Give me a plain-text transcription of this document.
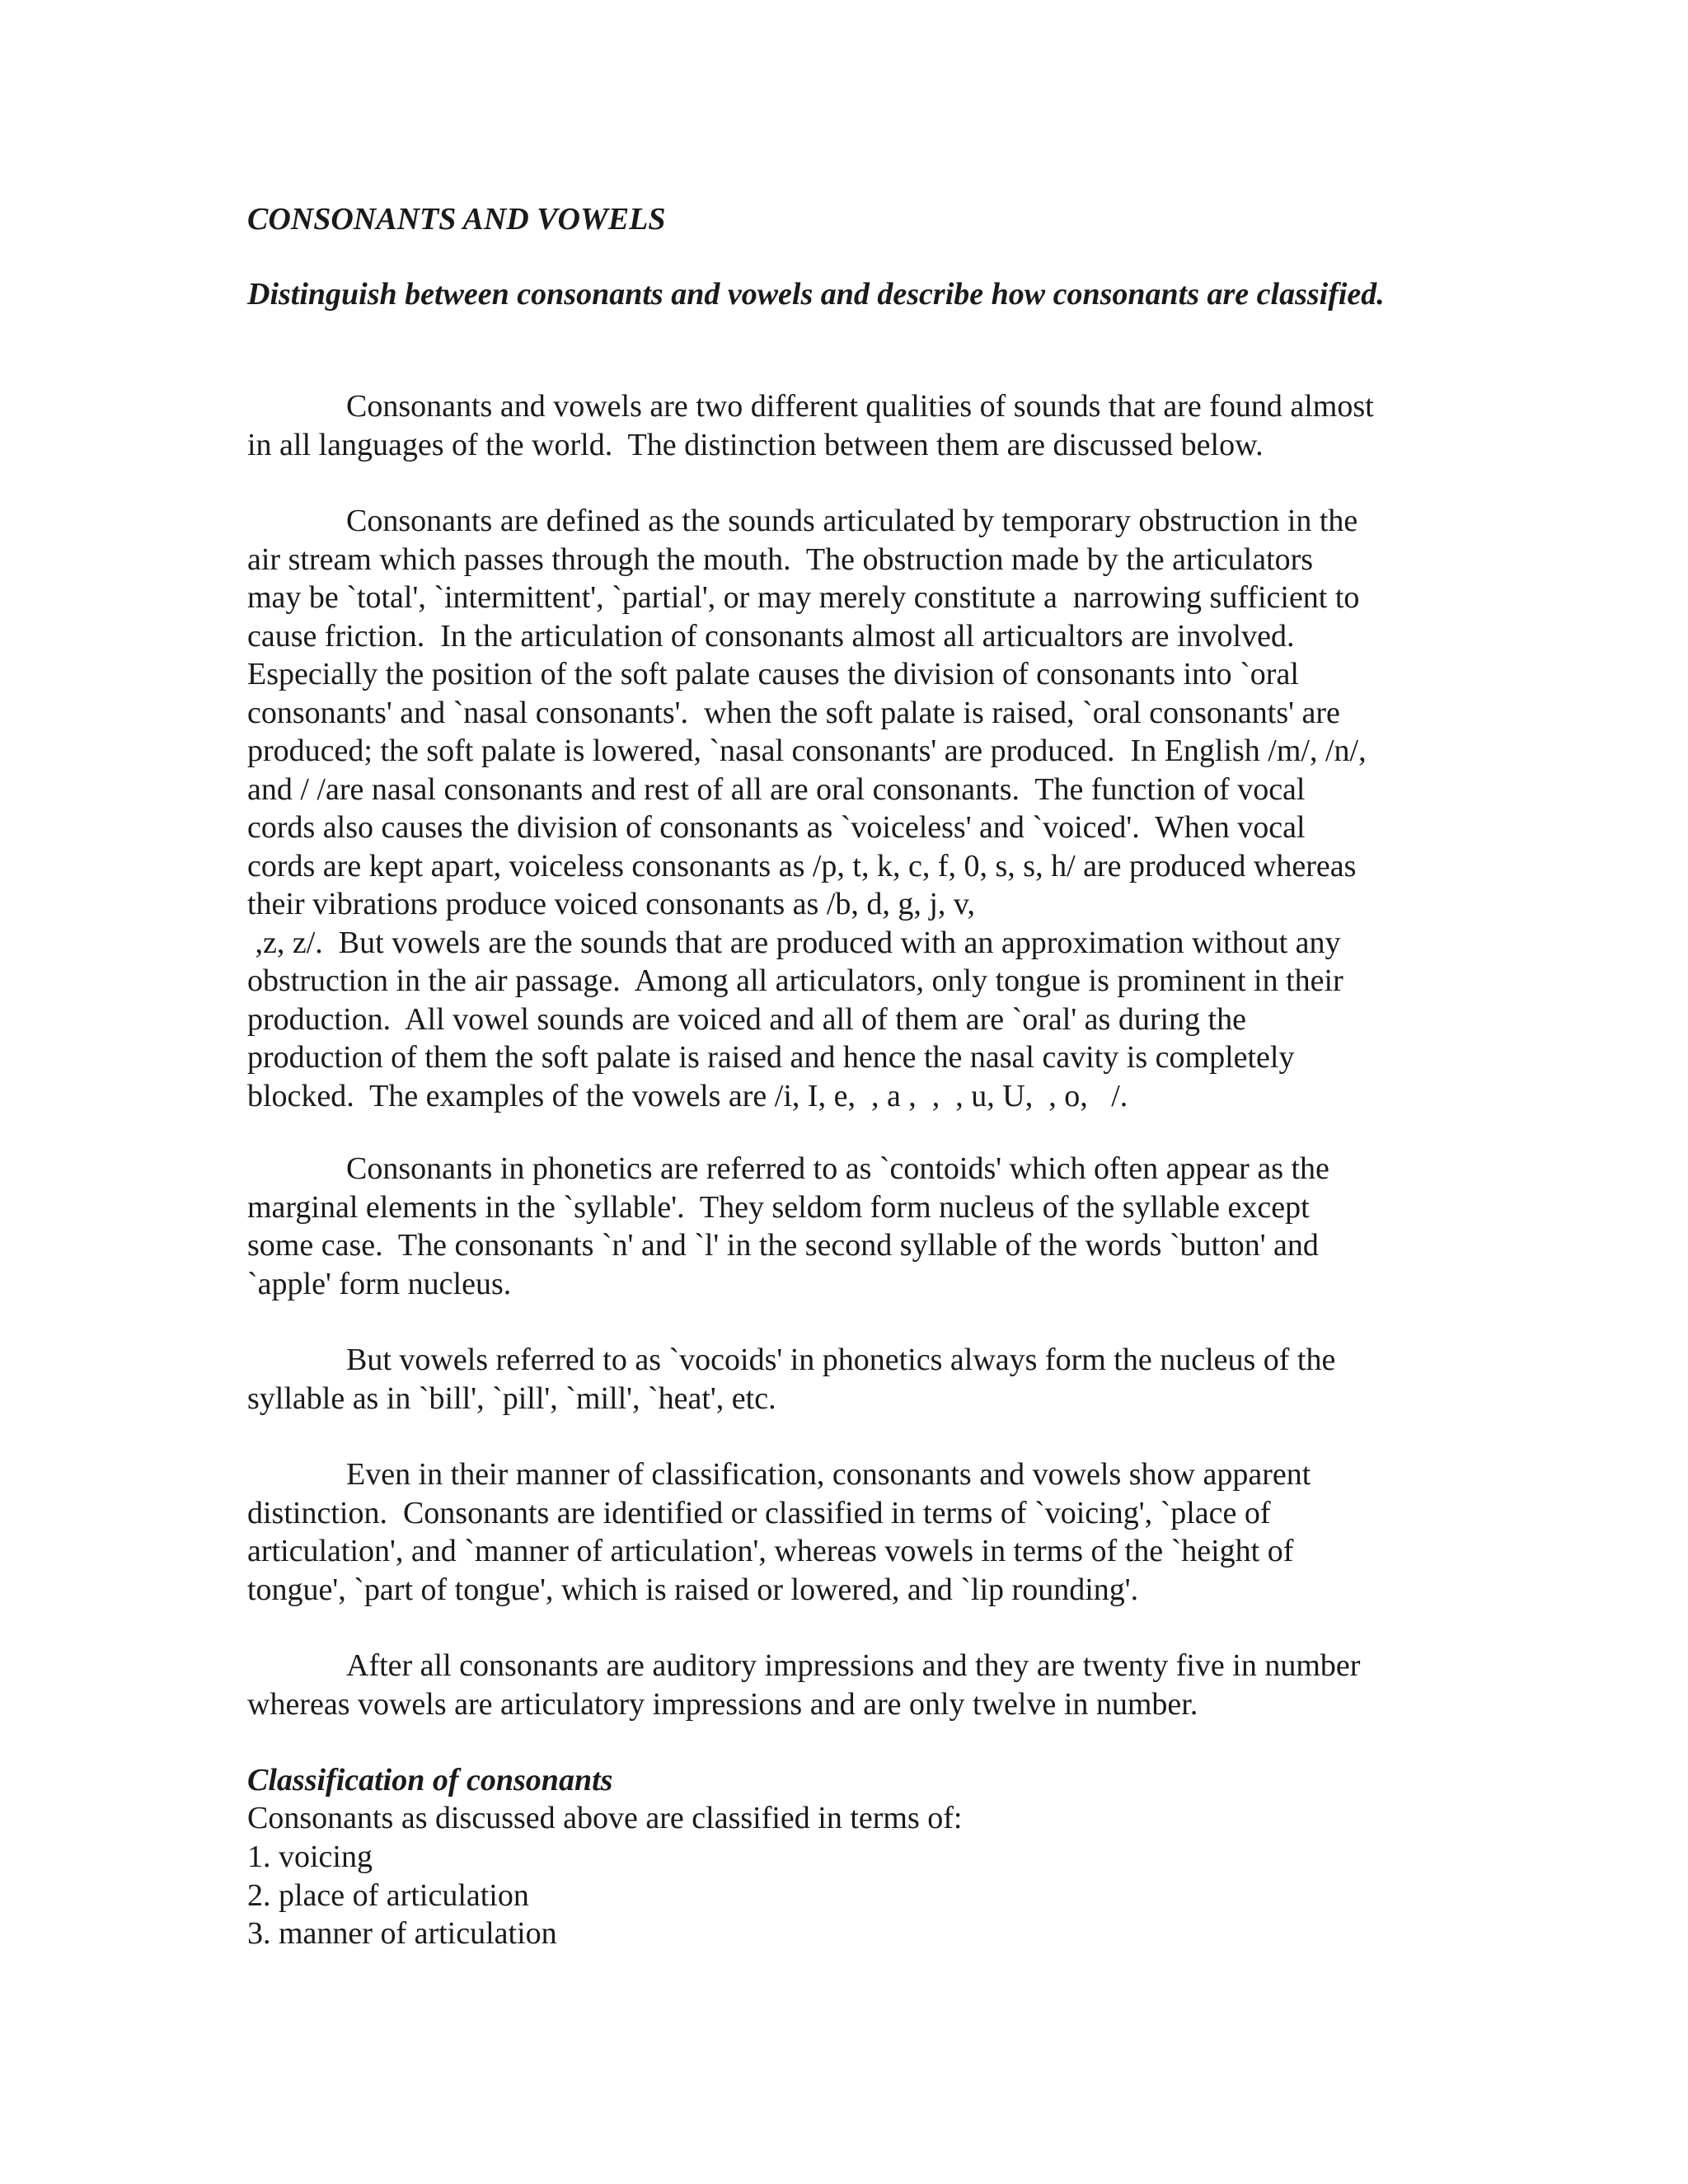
CONSONANTS AND VOWELS
Distinguish between consonants and vowels and describe how consonants are classified.

Consonants and vowels are two different qualities of sounds that are found almost
in all languages of the world.  The distinction between them are discussed below.

Consonants are defined as the sounds articulated by temporary obstruction in the
air stream which passes through the mouth.  The obstruction made by the articulators
may be `total', `intermittent', `partial', or may merely constitute a  narrowing sufficient to
cause friction.  In the articulation of consonants almost all articualtors are involved.
Especially the position of the soft palate causes the division of consonants into `oral
consonants' and `nasal consonants'.  when the soft palate is raised, `oral consonants' are
produced; the soft palate is lowered, `nasal consonants' are produced.  In English /m/, /n/,
and / /are nasal consonants and rest of all are oral consonants.  The function of vocal
cords also causes the division of consonants as `voiceless' and `voiced'.  When vocal
cords are kept apart, voiceless consonants as /p, t, k, c, f, 0, s, s, h/ are produced whereas
their vibrations produce voiced consonants as /b, d, g, j, v,
,z, z/.  But vowels are the sounds that are produced with an approximation without any
obstruction in the air passage.  Among all articulators, only tongue is prominent in their
production.  All vowel sounds are voiced and all of them are `oral' as during the
production of them the soft palate is raised and hence the nasal cavity is completely
blocked.  The examples of the vowels are /i, I, e,  , a ,  ,  , u, U,  , o,   /.

Consonants in phonetics are referred to as `contoids' which often appear as the
marginal elements in the `syllable'.  They seldom form nucleus of the syllable except
some case.  The consonants `n' and `l' in the second syllable of the words `button' and
`apple' form nucleus.

But vowels referred to as `vocoids' in phonetics always form the nucleus of the
syllable as in `bill', `pill', `mill', `heat', etc.

Even in their manner of classification, consonants and vowels show apparent
distinction.  Consonants are identified or classified in terms of `voicing', `place of
articulation', and `manner of articulation', whereas vowels in terms of the `height of
tongue', `part of tongue', which is raised or lowered, and `lip rounding'.

After all consonants are auditory impressions and they are twenty five in number
whereas vowels are articulatory impressions and are only twelve in number.

Classification of consonants

Consonants as discussed above are classified in terms of:

1. voicing
2. place of articulation
3. manner of articulation
